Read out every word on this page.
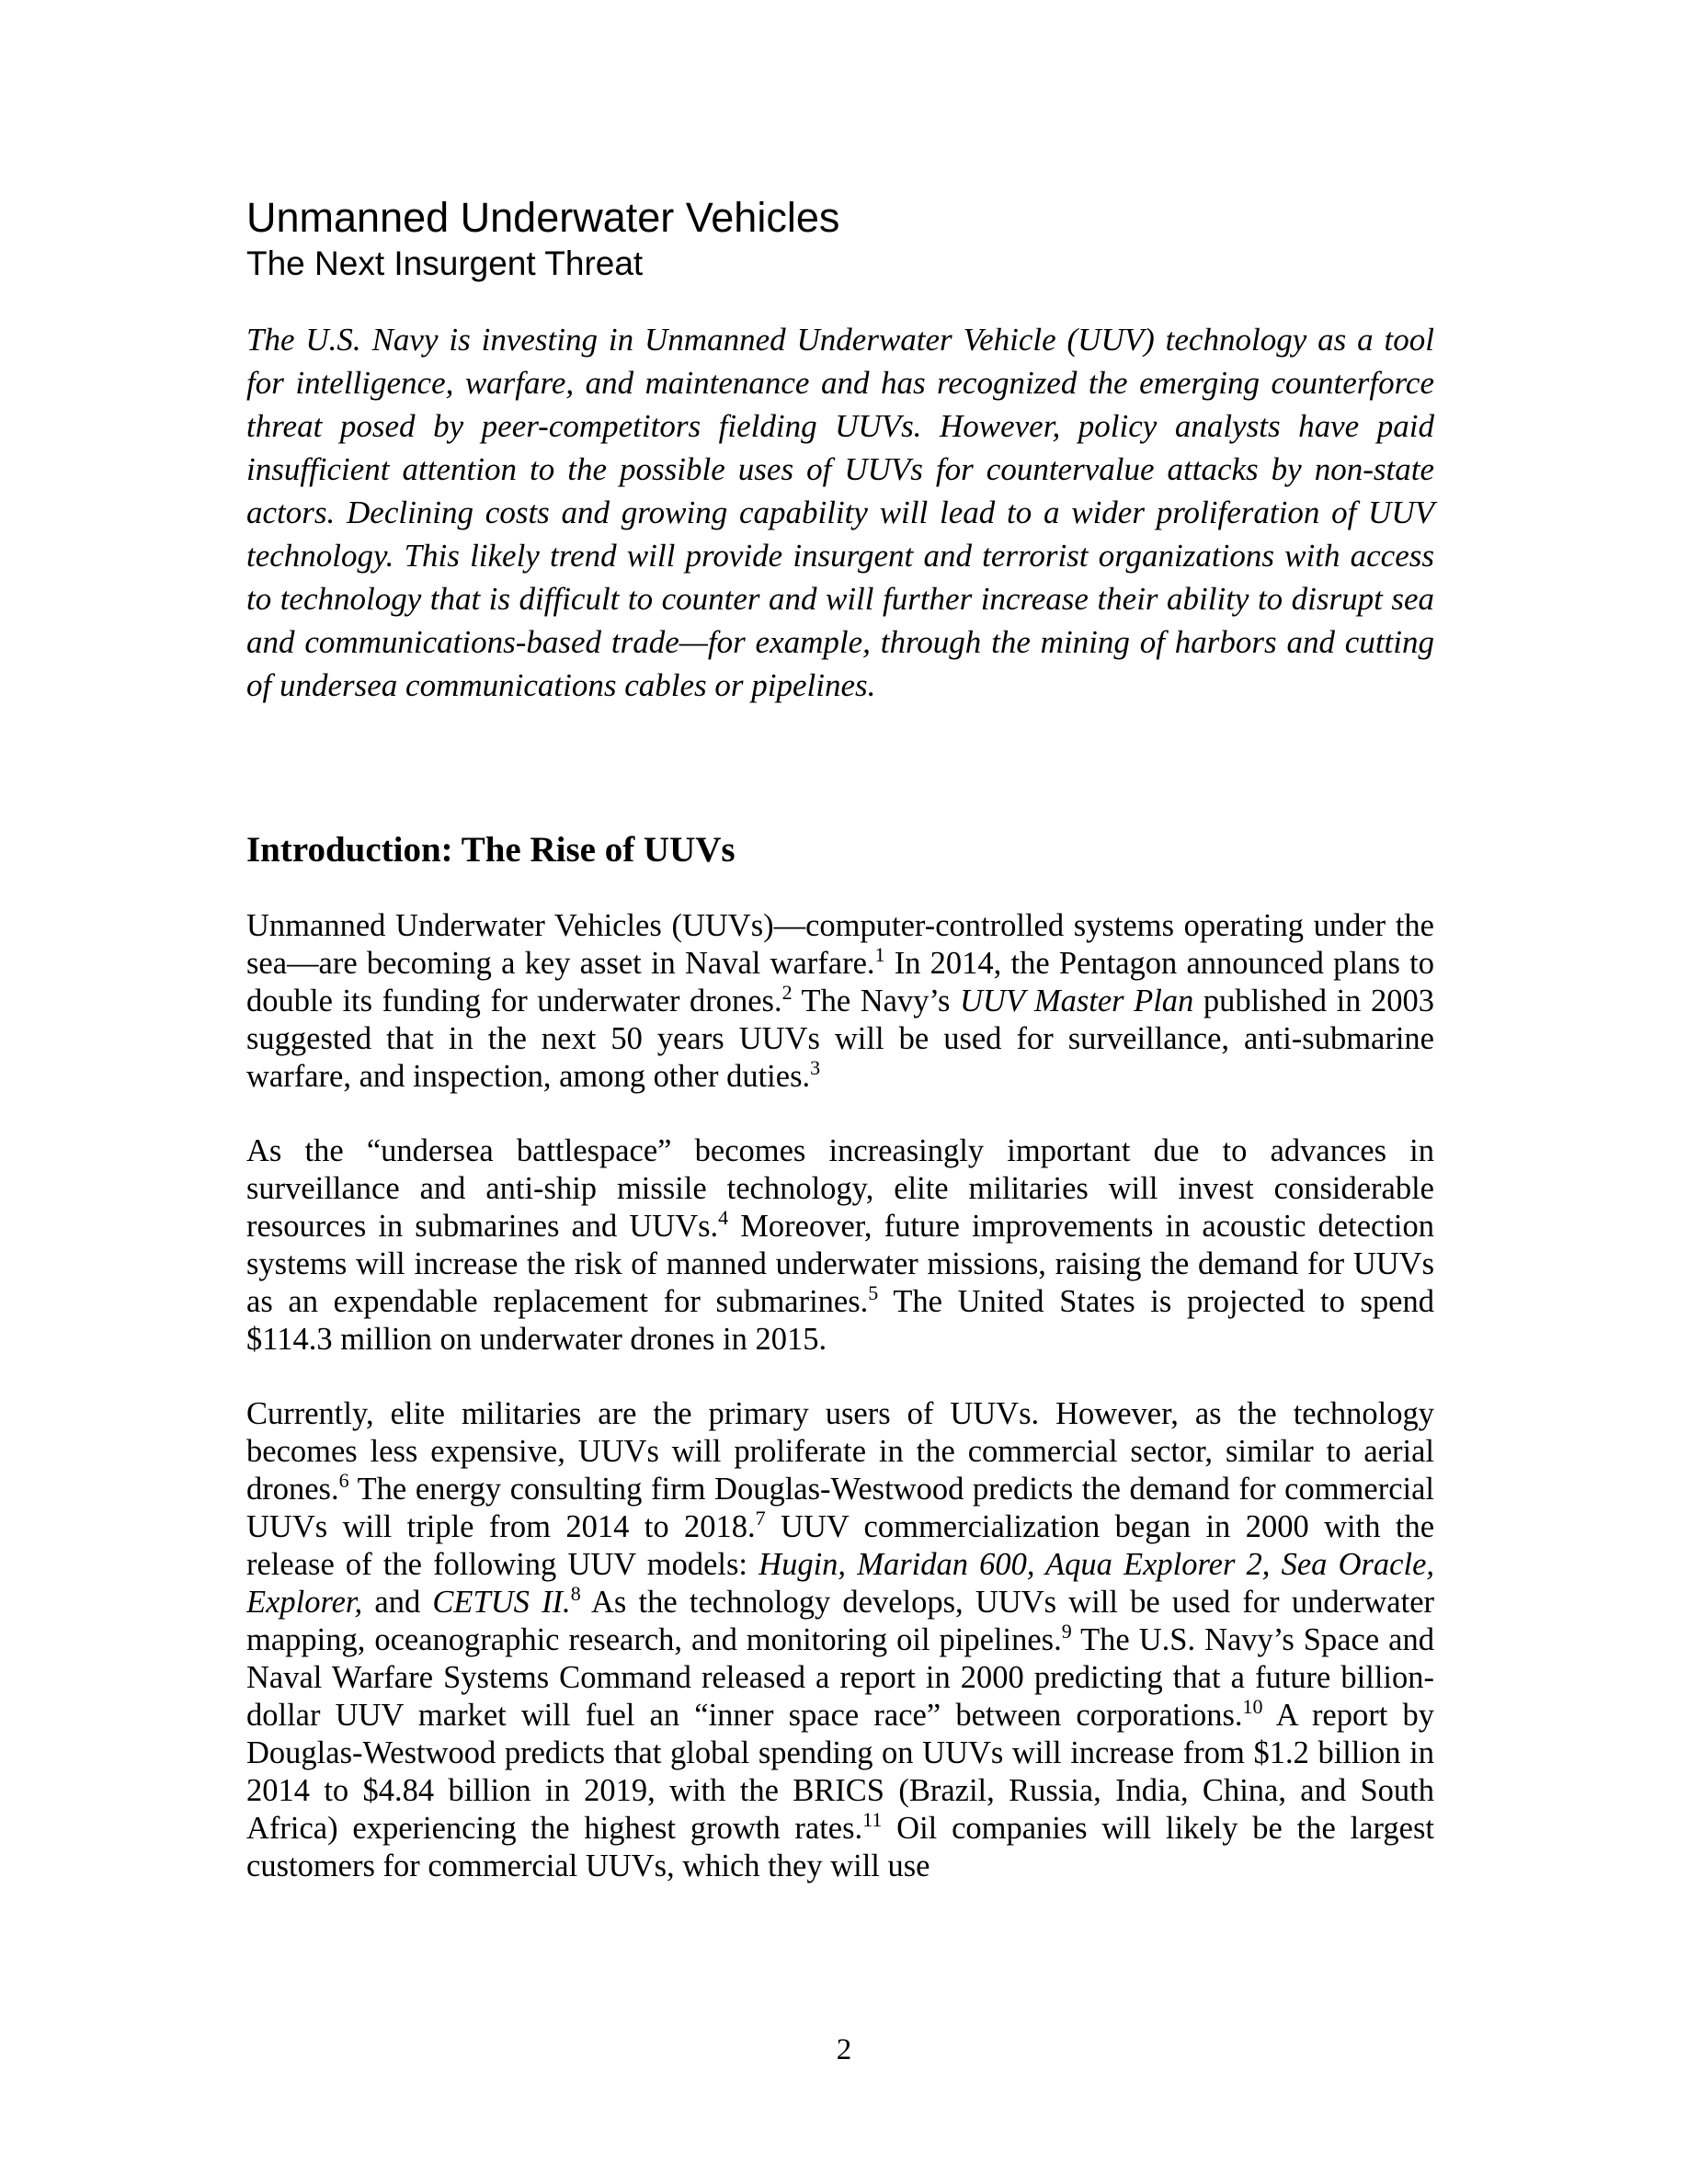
Unmanned Underwater Vehicles
The Next Insurgent Threat

The U.S. Navy is investing in Unmanned Underwater Vehicle (UUV) technology as a tool for intelligence, warfare, and maintenance and has recognized the emerging counterforce threat posed by peer-competitors fielding UUVs. However, policy analysts have paid insufficient attention to the possible uses of UUVs for countervalue attacks by non-state actors. Declining costs and growing capability will lead to a wider proliferation of UUV technology. This likely trend will provide insurgent and terrorist organizations with access to technology that is difficult to counter and will further increase their ability to disrupt sea and communications-based trade—for example, through the mining of harbors and cutting of undersea communications cables or pipelines.

Introduction: The Rise of UUVs

Unmanned Underwater Vehicles (UUVs)—computer-controlled systems operating under the sea—are becoming a key asset in Naval warfare.$^1$ In 2014, the Pentagon announced plans to double its funding for underwater drones.$^2$ The Navy’s UUV Master Plan published in 2003 suggested that in the next 50 years UUVs will be used for surveillance, anti-submarine warfare, and inspection, among other duties.$^3$

As the “undersea battlespace” becomes increasingly important due to advances in surveillance and anti-ship missile technology, elite militaries will invest considerable resources in submarines and UUVs.$^4$ Moreover, future improvements in acoustic detection systems will increase the risk of manned underwater missions, raising the demand for UUVs as an expendable replacement for submarines.$^5$ The United States is projected to spend $114.3 million on underwater drones in 2015.

Currently, elite militaries are the primary users of UUVs. However, as the technology becomes less expensive, UUVs will proliferate in the commercial sector, similar to aerial drones.$^6$ The energy consulting firm Douglas-Westwood predicts the demand for commercial UUVs will triple from 2014 to 2018.$^7$ UUV commercialization began in 2000 with the release of the following UUV models: Hugin, Maridan 600, Aqua Explorer 2, Sea Oracle, Explorer, and CETUS II.$^8$ As the technology develops, UUVs will be used for underwater mapping, oceanographic research, and monitoring oil pipelines.$^9$ The U.S. Navy’s Space and Naval Warfare Systems Command released a report in 2000 predicting that a future billion-dollar UUV market will fuel an “inner space race” between corporations.$^{10}$ A report by Douglas-Westwood predicts that global spending on UUVs will increase from $1.2 billion in 2014 to $4.84 billion in 2019, with the BRICS (Brazil, Russia, India, China, and South Africa) experiencing the highest growth rates.$^{11}$ Oil companies will likely be the largest customers for commercial UUVs, which they will use

2
